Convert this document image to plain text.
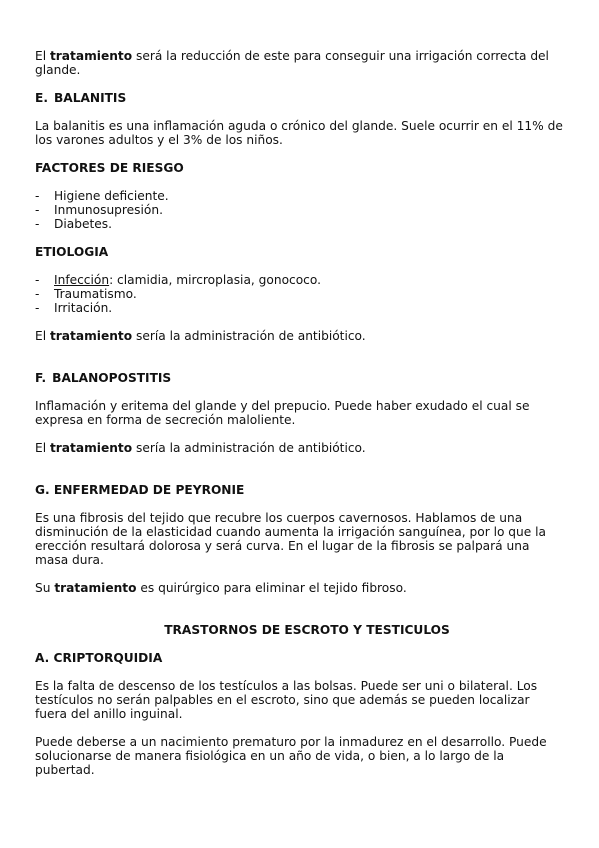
El tratamiento será la reducción de este para conseguir una irrigación correcta del glande.

E. BALANITIS

La balanitis es una inflamación aguda o crónico del glande. Suele ocurrir en el 11% de los varones adultos y el 3% de los niños.

FACTORES DE RIESGO
- Higiene deficiente.
- Inmunosupresión.
- Diabetes.
ETIOLOGIA
- Infección: clamidia, mircroplasia, gonococo.
- Traumatismo.
- Irritación.

El tratamiento sería la administración de antibiótico.

F. BALANOPOSTITIS

Inflamación y eritema del glande y del prepucio. Puede haber exudado el cual se expresa en forma de secreción maloliente.

El tratamiento sería la administración de antibiótico.

G. ENFERMEDAD DE PEYRONIE

Es una fibrosis del tejido que recubre los cuerpos cavernosos. Hablamos de una disminución de la elasticidad cuando aumenta la irrigación sanguínea, por lo que la erección resultará dolorosa y será curva. En el lugar de la fibrosis se palpará una masa dura.

Su tratamiento es quirúrgico para eliminar el tejido fibroso.

TRASTORNOS DE ESCROTO Y TESTICULOS

A. CRIPTORQUIDIA

Es la falta de descenso de los testículos a las bolsas. Puede ser uni o bilateral. Los testículos no serán palpables en el escroto, sino que además se pueden localizar fuera del anillo inguinal.

Puede deberse a un nacimiento prematuro por la inmadurez en el desarrollo. Puede solucionarse de manera fisiológica en un año de vida, o bien, a lo largo de la pubertad.
